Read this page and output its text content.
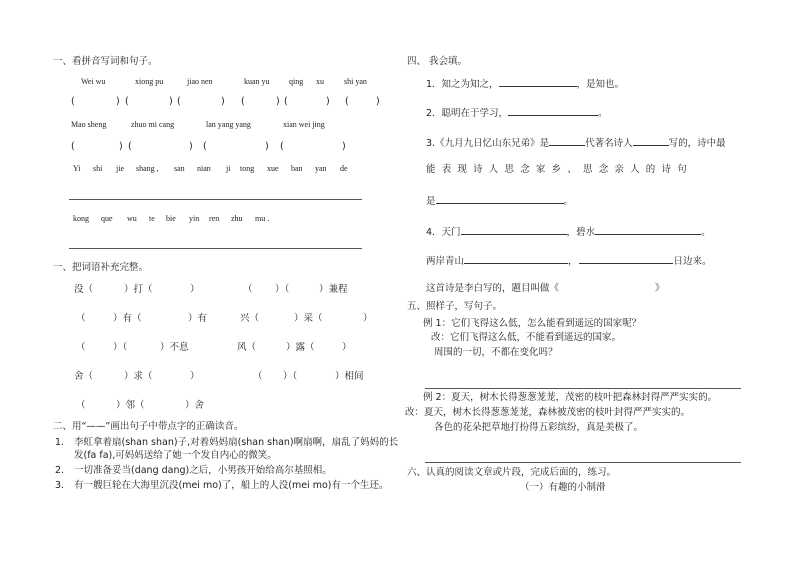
一、看拼音写词和句子。
Wei wu	xiong pu	jiao nen	kuan yu qing xu	shi yan
(	) (	) (	) (	) (	) (	)
Mao sheng	zhuo mi cang	lan yang yang	xian wei jing
(	) (	) (	) (	)
Yi shi jie shang , san nian ji tong xue ban yan de
kong que wu te bie yin ren zhu mu .
一、把词语补充完整。
没（	）打（	）	（ ）（	）兼程
（	）有（	）有	兴（	）采（	）
（	）（	）不息	风（	）露（	）
舍（	）求（	）	（ ）（	）相间
（	）邻（	）舍
二、用“——”画出句子中带点字的正确读音。
1. 李虹拿着扇(shan shan)子,对着妈妈扇(shan shan)啊扇啊，扇乱了妈妈的长
发(fa fa),可妈妈送给了她一个发自内心的微笑。
2. 一切准备妥当(dang dang)之后，小男孩开始给高尔基照相。
3. 有一艘巨轮在大海里沉没(mei mo)了，船上的人没(mei mo)有一个生还。
四、 我会填。
1．知之为知之，	，是知也。
2．聪明在于学习，	。
3.《九月九日忆山东兄弟》是	代著名诗人	写的，诗中最
能表现诗人思念家乡、思念亲人的诗句
是	。
4．天门	，碧水	。
两岸青山	，	日边来。
这首诗是李白写的，题目叫做《	》
五、照样子，写句子。
例 1：它们飞得这么低，怎么能看到遥远的国家呢？
改：它们飞得这么低，不能看到遥远的国家。
周围的一切，不都在变化吗？
例 2：夏天，树木长得葱葱茏茏，茂密的枝叶把森林封得严严实实的。
改：夏天，树木长得葱葱茏茏，森林被茂密的枝叶封得严严实实的。
各色的花朵把草地打扮得五彩缤纷，真是美极了。
六、认真的阅读文章或片段，完成后面的，练习。
（一）有趣的小制滑
